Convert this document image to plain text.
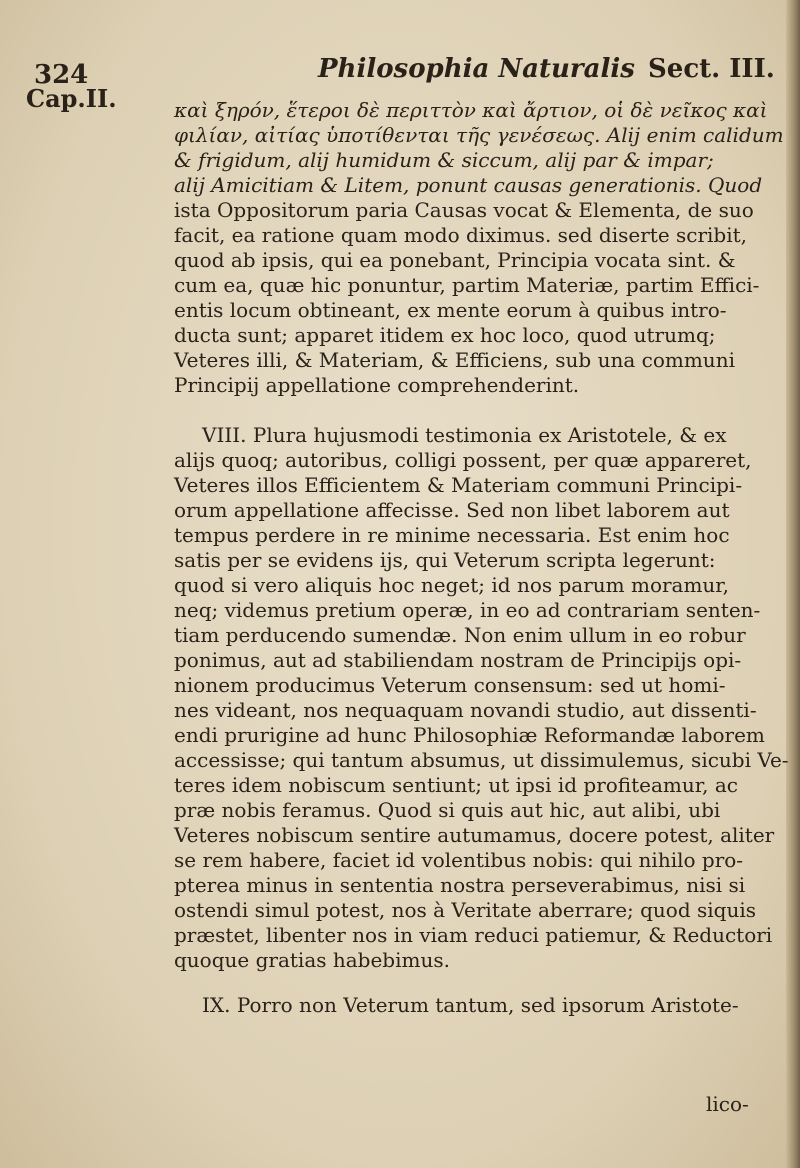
324	Philosophia Naturalis Sect. III.
Cap.II.	καὶ ξηρόν, ἕτεροι δὲ περιττὸν καὶ ἄρτιον, οἱ δὲ νεῖκος καὶ
φιλίαν, αἰτίας ὑποτίθενται τῆς γενέσεως. Alij enim calidum
& frigidum, alij humidum & siccum, alij par & impar;
alij Amicitiam & Litem, ponunt causas generationis. Quod
ista Oppositorum paria Causas vocat & Elementa, de suo
facit, ea ratione quam modo diximus. sed diserte scribit,
quod ab ipsis, qui ea ponebant, Principia vocata sint. &
cum ea, quæ hic ponuntur, partim Materiæ, partim Effici-
entis locum obtineant, ex mente eorum à quibus intro-
ducta sunt; apparet itidem ex hoc loco, quod utrumq;
Veteres illi, & Materiam, & Efficiens, sub una communi
Principij appellatione comprehenderint.
VIII. Plura hujusmodi testimonia ex Aristotele, & ex
alijs quoq; autoribus, colligi possent, per quæ appareret,
Veteres illos Efficientem & Materiam communi Principi-
orum appellatione affecisse. Sed non libet laborem aut
tempus perdere in re minime necessaria. Est enim hoc
satis per se evidens ijs, qui Veterum scripta legerunt:
quod si vero aliquis hoc neget; id nos parum moramur,
neq; videmus pretium operæ, in eo ad contrariam senten-
tiam perducendo sumendæ. Non enim ullum in eo robur
ponimus, aut ad stabiliendam nostram de Principijs opi-
nionem producimus Veterum consensum: sed ut homi-
nes videant, nos nequaquam novandi studio, aut dissenti-
endi prurigine ad hunc Philosophiæ Reformandæ laborem
accessisse; qui tantum absumus, ut dissimulemus, sicubi Ve-
teres idem nobiscum sentiunt; ut ipsi id profiteamur, ac
præ nobis feramus. Quod si quis aut hic, aut alibi, ubi
Veteres nobiscum sentire autumamus, docere potest, aliter
se rem habere, faciet id volentibus nobis: qui nihilo pro-
pterea minus in sententia nostra perseverabimus, nisi si
ostendi simul potest, nos à Veritate aberrare; quod siquis
præstet, libenter nos in viam reduci patiemur, & Reductori
quoque gratias habebimus.
IX. Porro non Veterum tantum, sed ipsorum Aristote-
lico-
